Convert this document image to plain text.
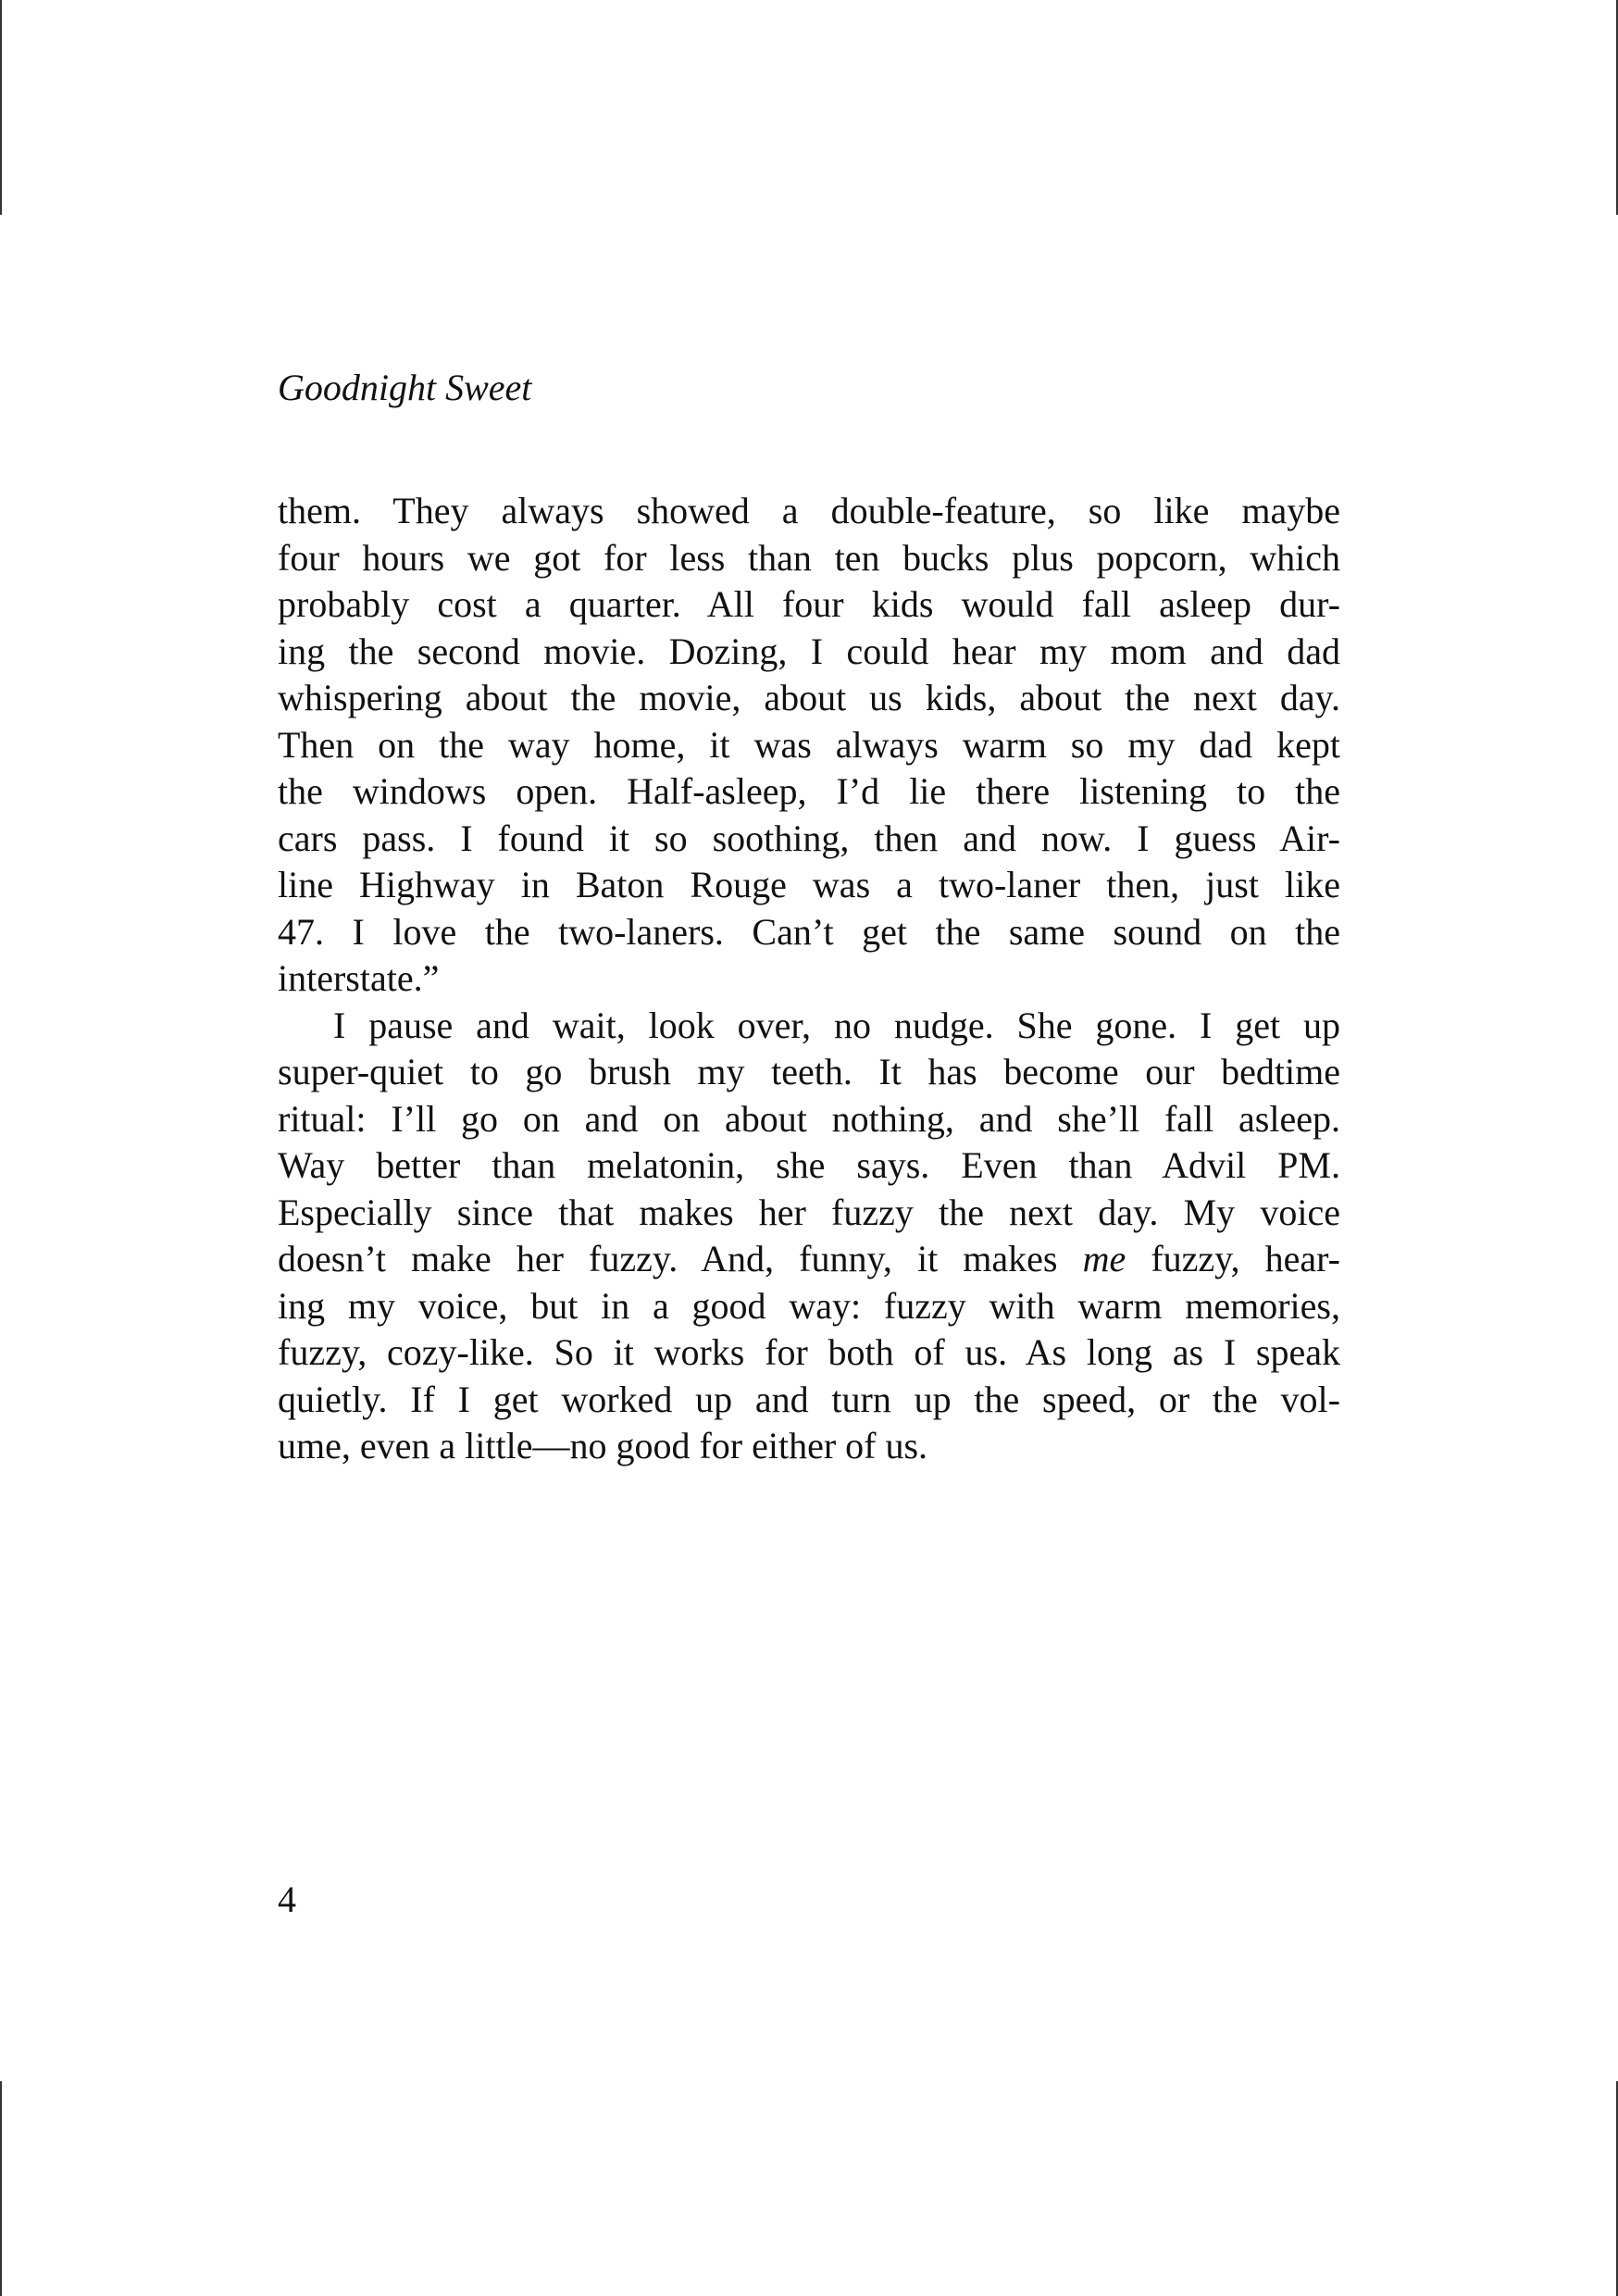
Goodnight Sweet
them. They always showed a double-feature, so like maybe
four hours we got for less than ten bucks plus popcorn, which
probably cost a quarter. All four kids would fall asleep dur-
ing the second movie. Dozing, I could hear my mom and dad
whispering about the movie, about us kids, about the next day.
Then on the way home, it was always warm so my dad kept
the windows open. Half-asleep, I’d lie there listening to the
cars pass. I found it so soothing, then and now. I guess Air-
line Highway in Baton Rouge was a two-laner then, just like
47. I love the two-laners. Can’t get the same sound on the
interstate.”
I pause and wait, look over, no nudge. She gone. I get up
super-quiet to go brush my teeth. It has become our bedtime
ritual: I’ll go on and on about nothing, and she’ll fall asleep.
Way better than melatonin, she says. Even than Advil PM.
Especially since that makes her fuzzy the next day. My voice
doesn’t make her fuzzy. And, funny, it makes me fuzzy, hear-
ing my voice, but in a good way: fuzzy with warm memories,
fuzzy, cozy-like. So it works for both of us. As long as I speak
quietly. If I get worked up and turn up the speed, or the vol-
ume, even a little—no good for either of us.
4
